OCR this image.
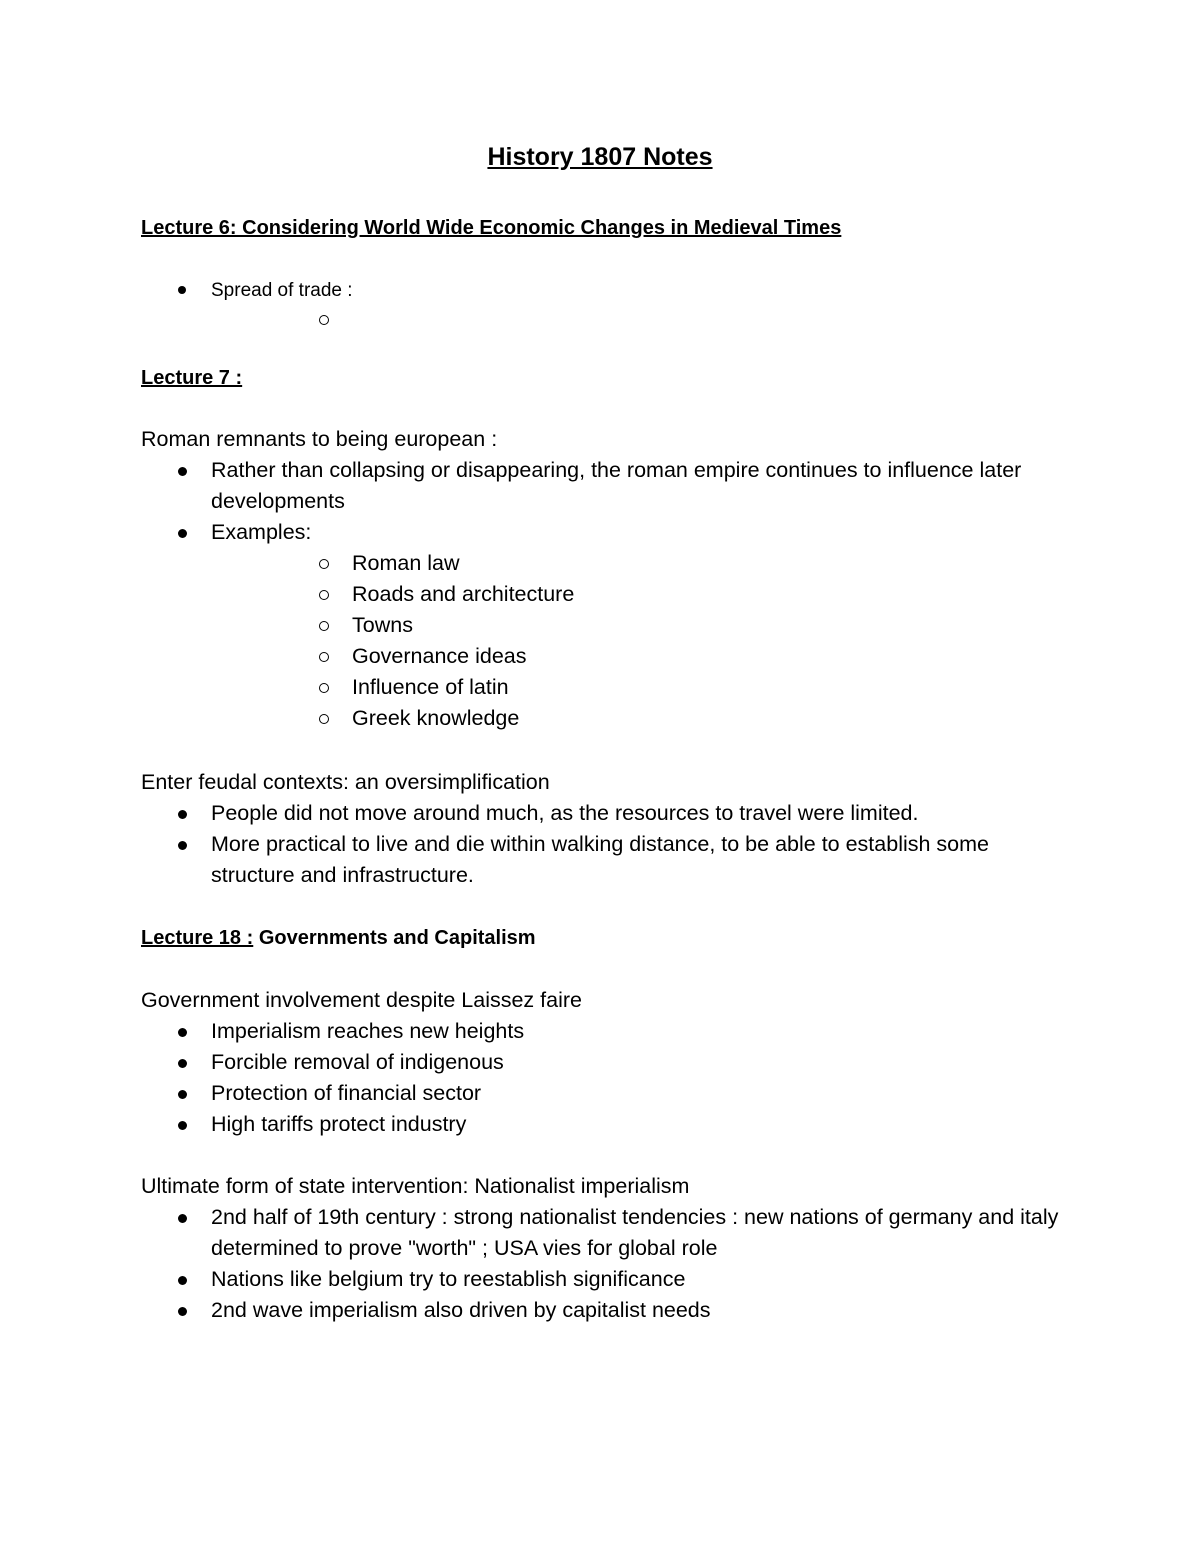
History 1807 Notes
Lecture 6: Considering World Wide Economic Changes in Medieval Times
Spread of trade :
Lecture 7 :
Roman remnants to being european :
Rather than collapsing or disappearing, the roman empire continues to influence later developments
Examples:
Roman law
Roads and architecture
Towns
Governance ideas
Influence of latin
Greek knowledge
Enter feudal contexts: an oversimplification
People did not move around much, as the resources to travel were limited.
More practical to live and die within walking distance, to be able to establish some structure and infrastructure.
Lecture 18 : Governments and Capitalism
Government involvement despite Laissez faire
Imperialism reaches new heights
Forcible removal of indigenous
Protection of financial sector
High tariffs protect industry
Ultimate form of state intervention: Nationalist imperialism
2nd half of 19th century : strong nationalist tendencies : new nations of germany and italy determined to prove "worth" ; USA vies for global role
Nations like belgium try to reestablish significance
2nd wave imperialism also driven by capitalist needs
